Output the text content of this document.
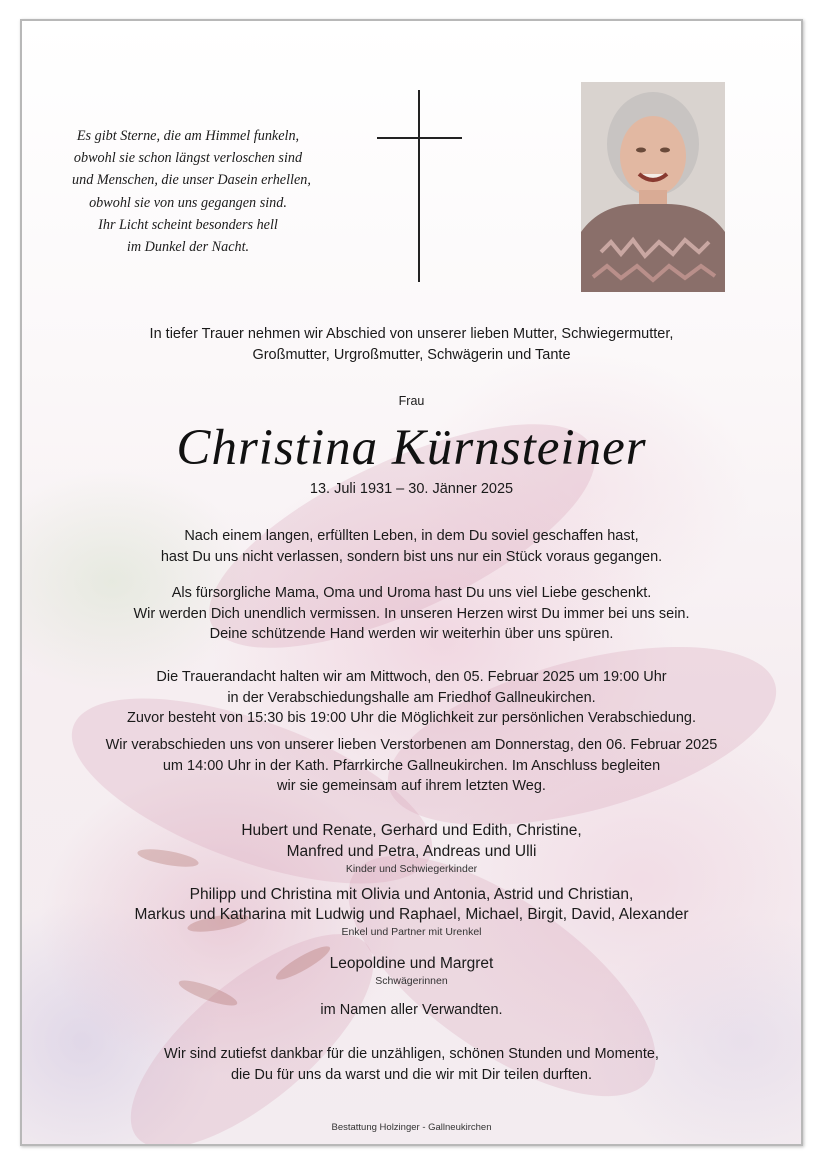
Es gibt Sterne, die am Himmel funkeln,
obwohl sie schon längst verloschen sind
und Menschen, die unser Dasein erhellen,
obwohl sie von uns gegangen sind.
Ihr Licht scheint besonders hell
im Dunkel der Nacht.
In tiefer Trauer nehmen wir Abschied von unserer lieben Mutter, Schwiegermutter,
Großmutter, Urgroßmutter, Schwägerin und Tante
Frau
Christina Kürnsteiner
13. Juli 1931 – 30. Jänner 2025
Nach einem langen, erfüllten Leben, in dem Du soviel geschaffen hast,
hast Du uns nicht verlassen, sondern bist uns nur ein Stück voraus gegangen.
Als fürsorgliche Mama, Oma und Uroma hast Du uns viel Liebe geschenkt.
Wir werden Dich unendlich vermissen. In unseren Herzen wirst Du immer bei uns sein.
Deine schützende Hand werden wir weiterhin über uns spüren.
Die Trauerandacht halten wir am Mittwoch, den 05. Februar 2025 um 19:00 Uhr
in der Verabschiedungshalle am Friedhof Gallneukirchen.
Zuvor besteht von 15:30 bis 19:00 Uhr die Möglichkeit zur persönlichen Verabschiedung.
Wir verabschieden uns von unserer lieben Verstorbenen am Donnerstag, den 06. Februar 2025
um 14:00 Uhr in der Kath. Pfarrkirche Gallneukirchen. Im Anschluss begleiten
wir sie gemeinsam auf ihrem letzten Weg.
Hubert und Renate, Gerhard und Edith, Christine,
Manfred und Petra, Andreas und Ulli
Kinder und Schwiegerkinder
Philipp und Christina mit Olivia und Antonia, Astrid und Christian,
Markus und Katharina mit Ludwig und Raphael, Michael, Birgit, David, Alexander
Enkel und Partner mit Urenkel
Leopoldine und Margret
Schwägerinnen
im Namen aller Verwandten.
Wir sind zutiefst dankbar für die unzähligen, schönen Stunden und Momente,
die Du für uns da warst und die wir mit Dir teilen durften.
Bestattung Holzinger - Gallneukirchen
